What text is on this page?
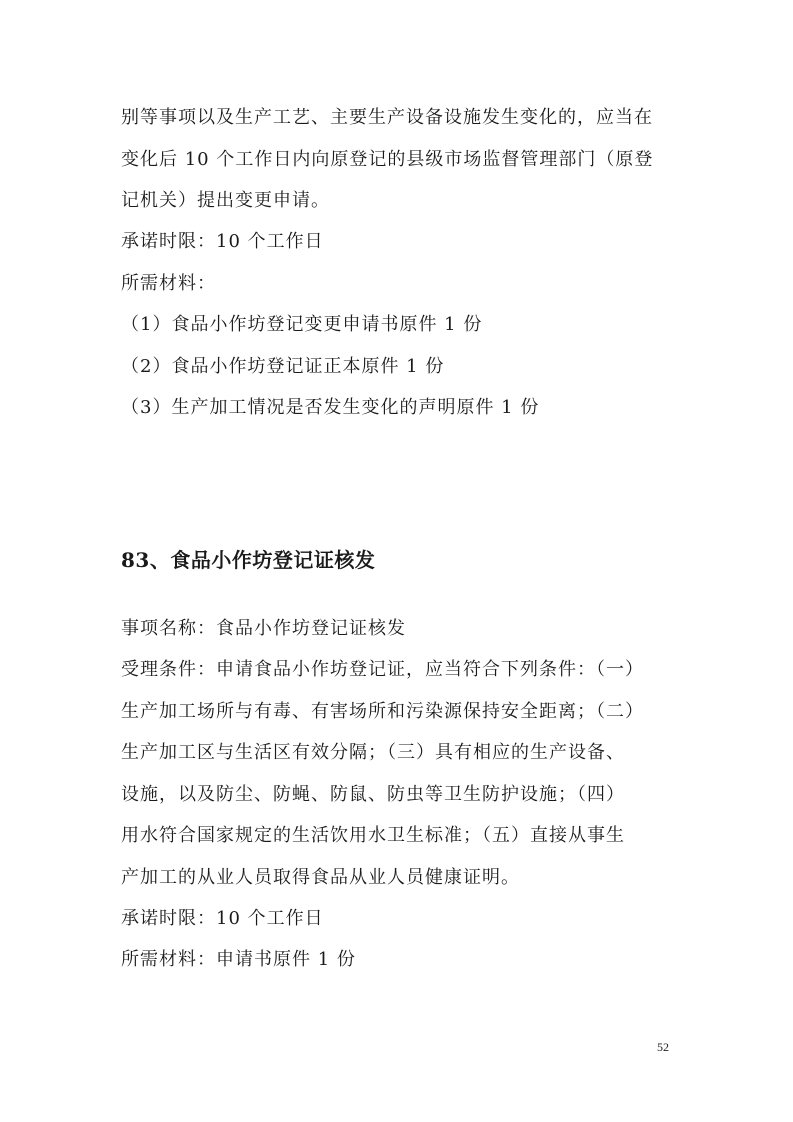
别等事项以及生产工艺、主要生产设备设施发生变化的，应当在
变化后 10 个工作日内向原登记的县级市场监督管理部门（原登
记机关）提出变更申请。
承诺时限：10 个工作日
所需材料：
（1）食品小作坊登记变更申请书原件 1 份
（2）食品小作坊登记证正本原件 1 份
（3）生产加工情况是否发生变化的声明原件 1 份
83、食品小作坊登记证核发
事项名称：食品小作坊登记证核发
受理条件：申请食品小作坊登记证，应当符合下列条件：（一）
生产加工场所与有毒、有害场所和污染源保持安全距离；（二）
生产加工区与生活区有效分隔；（三）具有相应的生产设备、
设施，以及防尘、防蝇、防鼠、防虫等卫生防护设施；（四）
用水符合国家规定的生活饮用水卫生标准；（五）直接从事生
产加工的从业人员取得食品从业人员健康证明。
承诺时限：10 个工作日
所需材料：申请书原件 1 份
52
